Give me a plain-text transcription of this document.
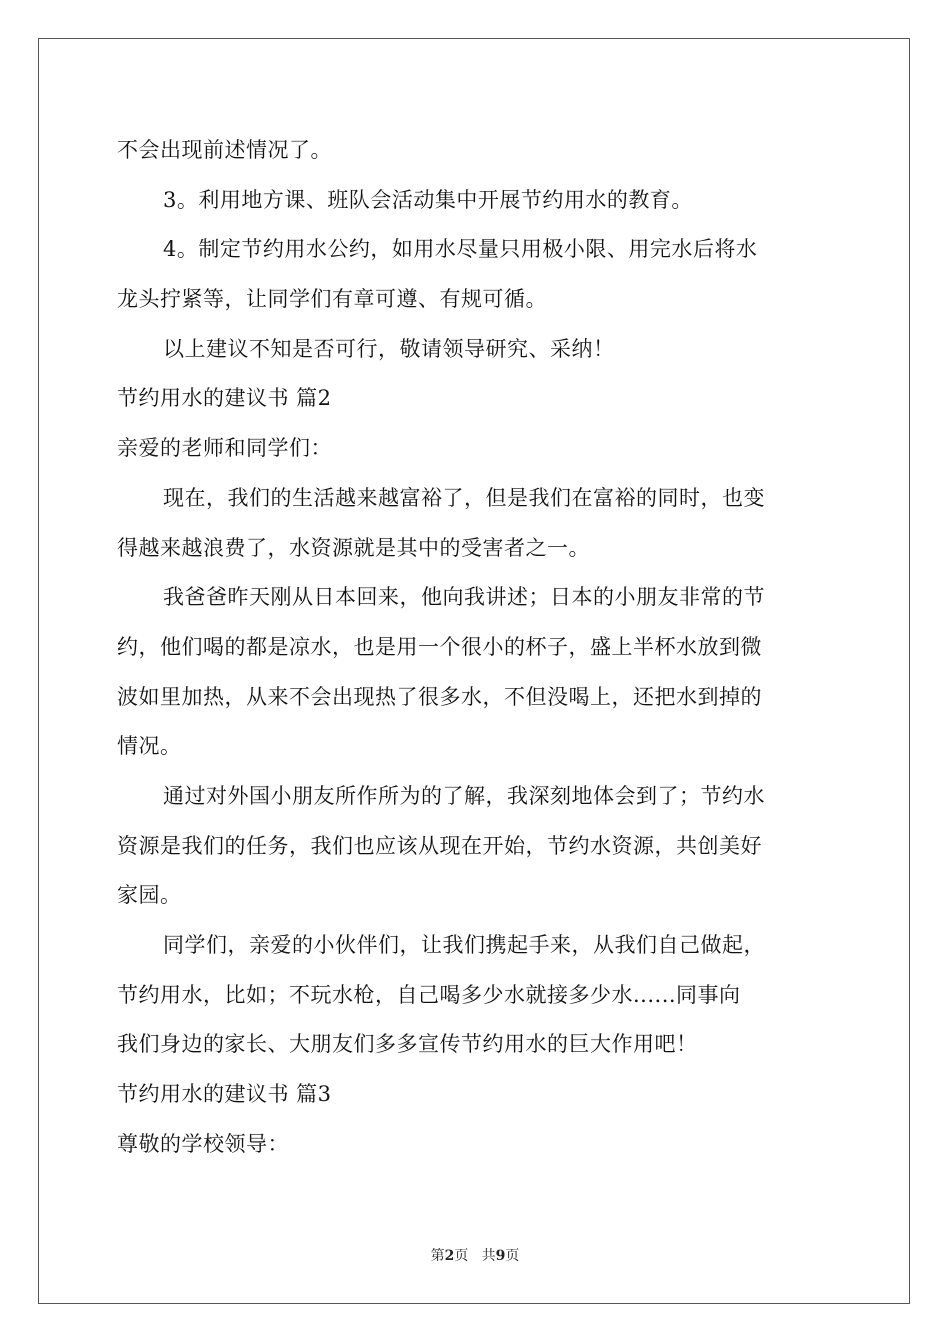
不会出现前述情况了。
3。利用地方课、班队会活动集中开展节约用水的教育。
4。制定节约用水公约，如用水尽量只用极小限、用完水后将水
龙头拧紧等，让同学们有章可遵、有规可循。
以上建议不知是否可行，敬请领导研究、采纳！
节约用水的建议书 篇2
亲爱的老师和同学们：
现在，我们的生活越来越富裕了，但是我们在富裕的同时，也变
得越来越浪费了，水资源就是其中的受害者之一。
我爸爸昨天刚从日本回来，他向我讲述；日本的小朋友非常的节
约，他们喝的都是凉水，也是用一个很小的杯子，盛上半杯水放到微
波如里加热，从来不会出现热了很多水，不但没喝上，还把水到掉的
情况。
通过对外国小朋友所作所为的了解，我深刻地体会到了；节约水
资源是我们的任务，我们也应该从现在开始，节约水资源，共创美好
家园。
同学们，亲爱的小伙伴们，让我们携起手来，从我们自己做起，
节约用水，比如；不玩水枪，自己喝多少水就接多少水......同事向
我们身边的家长、大朋友们多多宣传节约用水的巨大作用吧！
节约用水的建议书 篇3
尊敬的学校领导：
第2页 共9页
